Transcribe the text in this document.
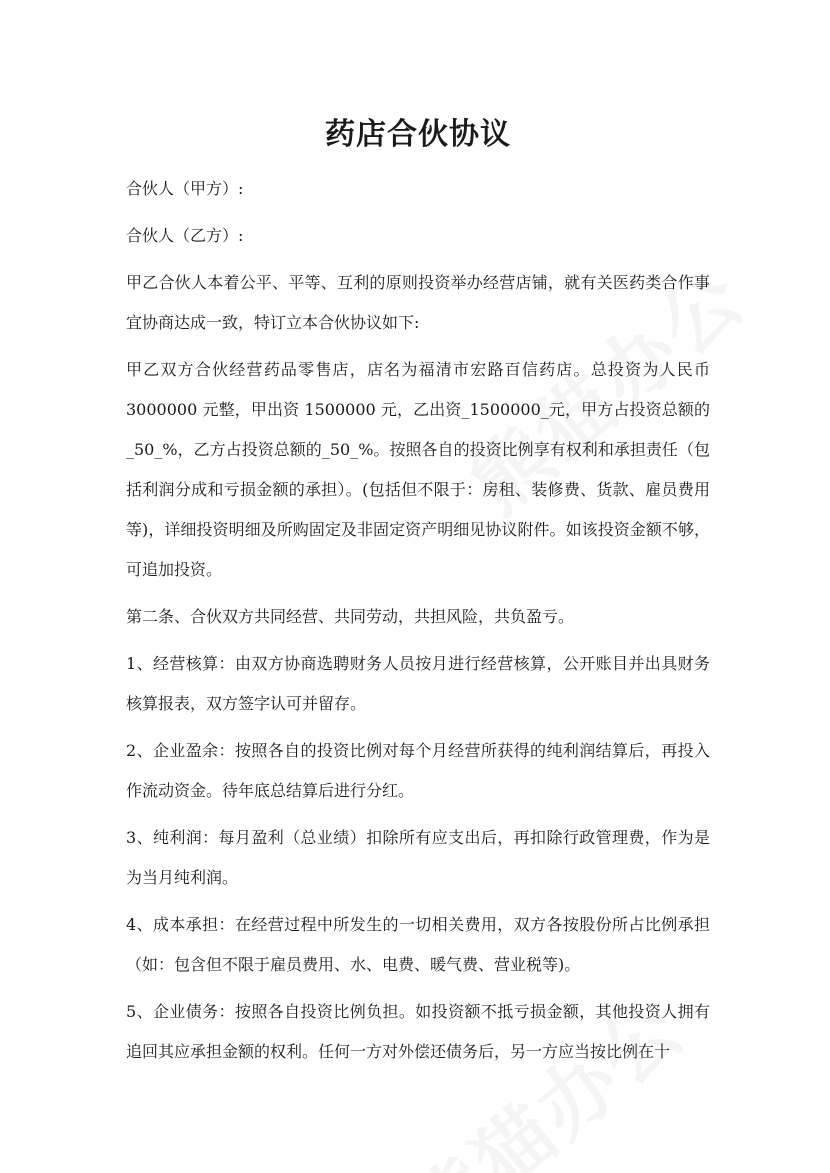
药店合伙协议

合伙人（甲方）:

合伙人（乙方）:

甲乙合伙人本着公平、平等、互利的原则投资举办经营店铺，就有关医药类合作事宜协商达成一致，特订立本合伙协议如下:

甲乙双方合伙经营药品零售店，店名为福清市宏路百信药店。总投资为人民币 3000000 元整，甲出资 1500000 元，乙出资_1500000_元，甲方占投资总额的_50_%，乙方占投资总额的_50_%。按照各自的投资比例享有权利和承担责任（包括利润分成和亏损金额的承担）。(包括但不限于：房租、装修费、货款、雇员费用等)，详细投资明细及所购固定及非固定资产明细见协议附件。如该投资金额不够，可追加投资。

第二条、合伙双方共同经营、共同劳动，共担风险，共负盈亏。

1、经营核算：由双方协商选聘财务人员按月进行经营核算，公开账目并出具财务核算报表，双方签字认可并留存。

2、企业盈余：按照各自的投资比例对每个月经营所获得的纯利润结算后，再投入作流动资金。待年底总结算后进行分红。

3、纯利润：每月盈利（总业绩）扣除所有应支出后，再扣除行政管理费，作为是为当月纯利润。

4、成本承担：在经营过程中所发生的一切相关费用，双方各按股份所占比例承担（如：包含但不限于雇员费用、水、电费、暖气费、营业税等)。

5、企业债务：按照各自投资比例负担。如投资额不抵亏损金额，其他投资人拥有追回其应承担金额的权利。任何一方对外偿还债务后，另一方应当按比例在十
